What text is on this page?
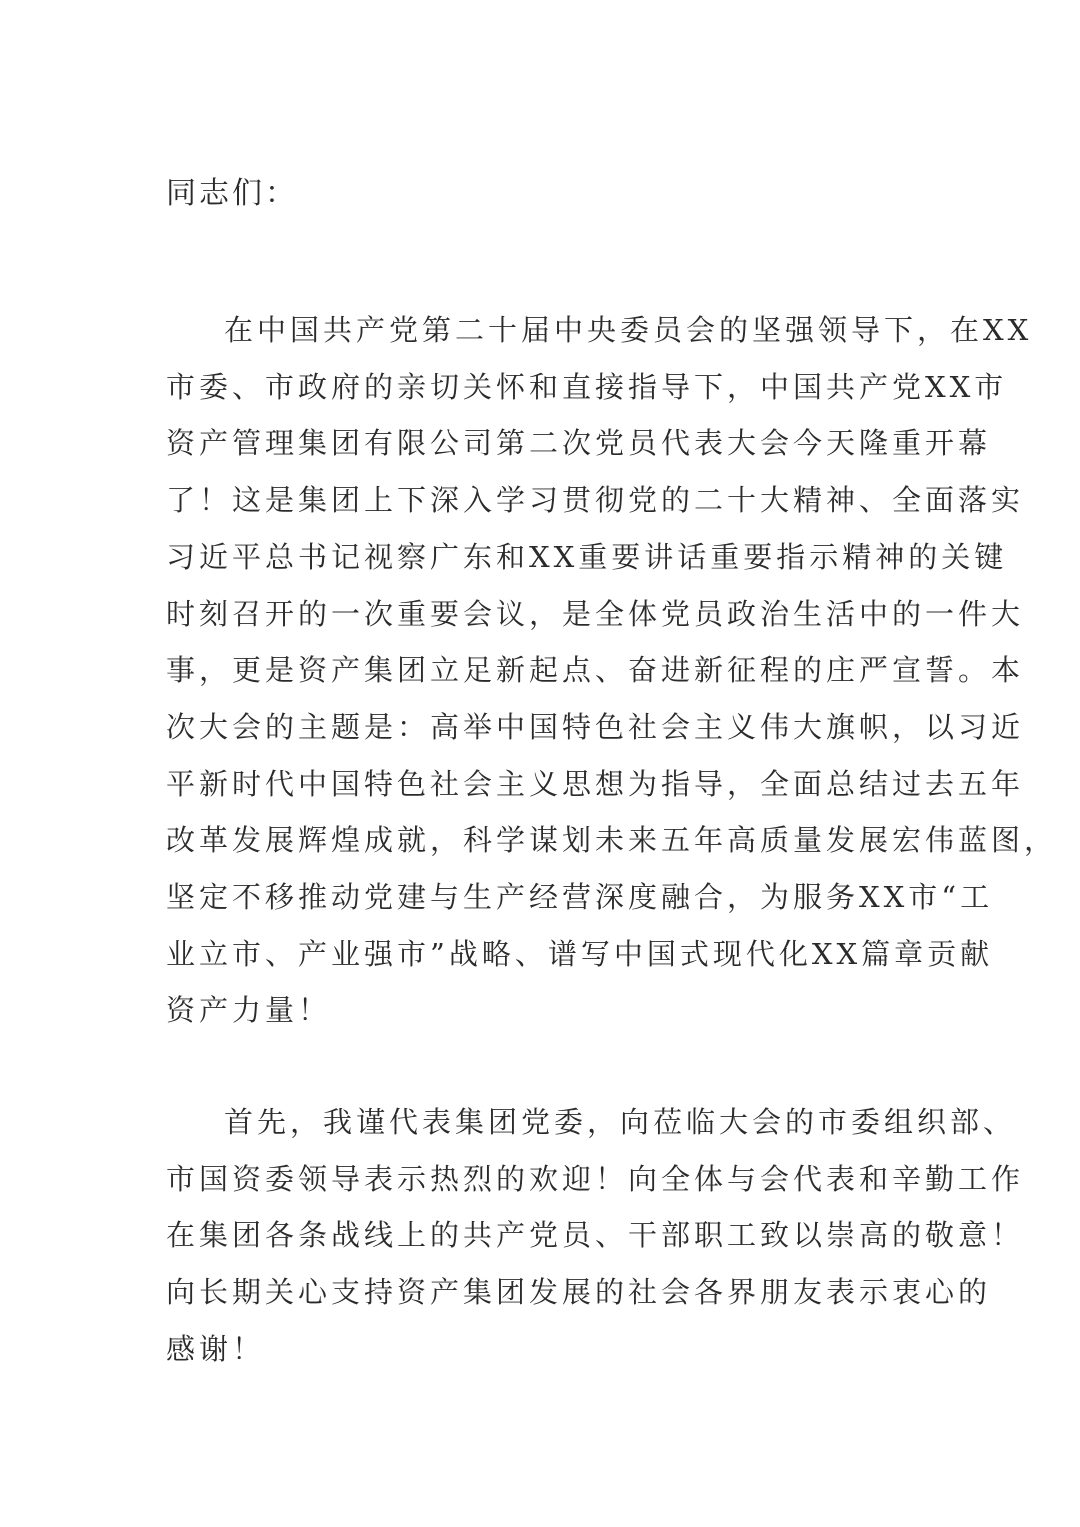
同志们：

在中国共产党第二十届中央委员会的坚强领导下，在XX
市委、市政府的亲切关怀和直接指导下，中国共产党XX市
资产管理集团有限公司第二次党员代表大会今天隆重开幕
了！这是集团上下深入学习贯彻党的二十大精神、全面落实
习近平总书记视察广东和XX重要讲话重要指示精神的关键
时刻召开的一次重要会议，是全体党员政治生活中的一件大
事，更是资产集团立足新起点、奋进新征程的庄严宣誓。本
次大会的主题是：高举中国特色社会主义伟大旗帜，以习近
平新时代中国特色社会主义思想为指导，全面总结过去五年
改革发展辉煌成就，科学谋划未来五年高质量发展宏伟蓝图，
坚定不移推动党建与生产经营深度融合，为服务XX市“工
业立市、产业强市”战略、谱写中国式现代化XX篇章贡献
资产力量！
首先，我谨代表集团党委，向莅临大会的市委组织部、
市国资委领导表示热烈的欢迎！向全体与会代表和辛勤工作
在集团各条战线上的共产党员、干部职工致以崇高的敬意！
向长期关心支持资产集团发展的社会各界朋友表示衷心的
感谢！
